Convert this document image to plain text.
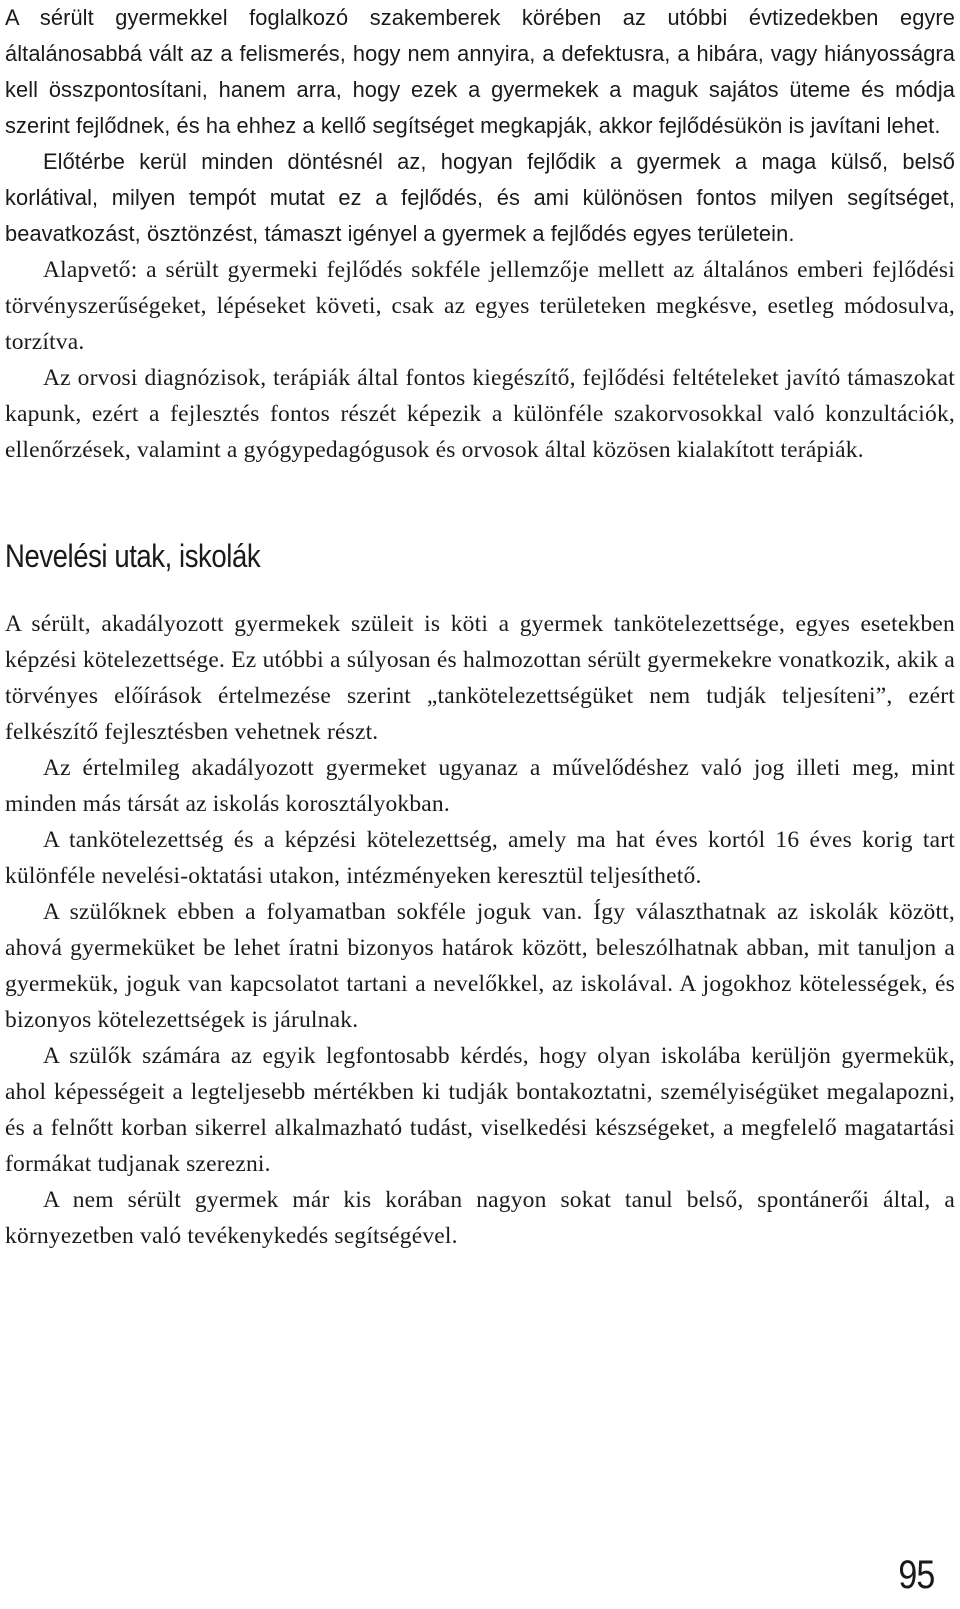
A sérült gyermekkel foglalkozó szakemberek körében az utóbbi évtizedekben egyre általánosabbá vált az a felismerés, hogy nem annyira, a defektusra, a hibára, vagy hiányosságra kell összpontosítani, hanem arra, hogy ezek a gyermekek a maguk sajátos üteme és módja szerint fejlődnek, és ha ehhez a kellő segítséget megkapják, akkor fejlődésükön is javítani lehet.

Előtérbe kerül minden döntésnél az, hogyan fejlődik a gyermek a maga külső, belső korlátival, milyen tempót mutat ez a fejlődés, és ami különösen fontos milyen segítséget, beavatkozást, ösztönzést, támaszt igényel a gyermek a fejlődés egyes területein.

Alapvető: a sérült gyermeki fejlődés sokféle jellemzője mellett az általános emberi fejlődési törvényszerűségeket, lépéseket követi, csak az egyes területeken megkésve, esetleg módosulva, torzítva.

Az orvosi diagnózisok, terápiák által fontos kiegészítő, fejlődési feltételeket javító támaszokat kapunk, ezért a fejlesztés fontos részét képezik a különféle szakorvosokkal való konzultációk, ellenőrzések, valamint a gyógypedagógusok és orvosok által közösen kialakított terápiák.

Nevelési utak, iskolák

A sérült, akadályozott gyermekek szüleit is köti a gyermek tankötelezettsége, egyes esetekben képzési kötelezettsége. Ez utóbbi a súlyosan és halmozottan sérült gyermekekre vonatkozik, akik a törvényes előírások értelmezése szerint „tankötelezettségüket nem tudják teljesíteni”, ezért felkészítő fejlesztésben vehetnek részt.

Az értelmileg akadályozott gyermeket ugyanaz a művelődéshez való jog illeti meg, mint minden más társát az iskolás korosztályokban.

A tankötelezettség és a képzési kötelezettség, amely ma hat éves kortól 16 éves korig tart különféle nevelési-oktatási utakon, intézményeken keresztül teljesíthető.

A szülőknek ebben a folyamatban sokféle joguk van. Így választhatnak az iskolák között, ahová gyermeküket be lehet íratni bizonyos határok között, beleszólhatnak abban, mit tanuljon a gyermekük, joguk van kapcsolatot tartani a nevelőkkel, az iskolával. A jogokhoz kötelességek, és bizonyos kötelezettségek is járulnak.

A szülők számára az egyik legfontosabb kérdés, hogy olyan iskolába kerüljön gyermekük, ahol képességeit a legteljesebb mértékben ki tudják bontakoztatni, személyiségüket megalapozni, és a felnőtt korban sikerrel alkalmazható tudást, viselkedési készségeket, a megfelelő magatartási formákat tudjanak szerezni.

A nem sérült gyermek már kis korában nagyon sokat tanul belső, spontánerői által, a környezetben való tevékenykedés segítségével.

95
